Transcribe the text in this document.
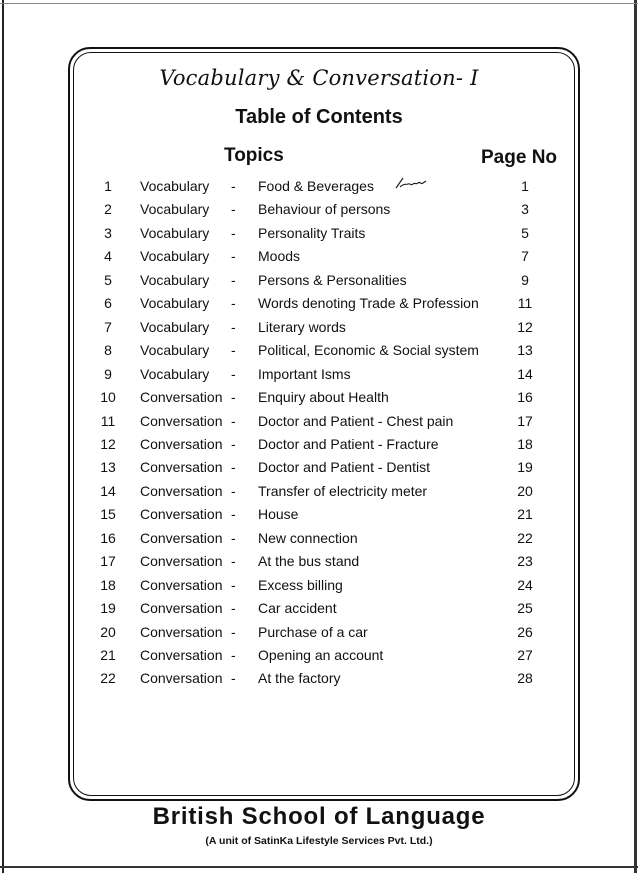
Vocabulary & Conversation- I
Table of Contents
Topics	Page No
1	Vocabulary - Food & Beverages	1
2	Vocabulary - Behaviour of persons	3
3	Vocabulary - Personality Traits	5
4	Vocabulary - Moods	7
5	Vocabulary - Persons & Personalities	9
6	Vocabulary - Words denoting Trade & Profession	11
7	Vocabulary - Literary words	12
8	Vocabulary - Political, Economic & Social system	13
9	Vocabulary - Important Isms	14
10	Conversation - Enquiry about Health	16
11	Conversation - Doctor and Patient - Chest pain	17
12	Conversation - Doctor and Patient - Fracture	18
13	Conversation - Doctor and Patient - Dentist	19
14	Conversation - Transfer of electricity meter	20
15	Conversation - House	21
16	Conversation - New connection	22
17	Conversation - At the bus stand	23
18	Conversation - Excess billing	24
19	Conversation - Car accident	25
20	Conversation - Purchase of a car	26
21	Conversation - Opening an account	27
22	Conversation - At the factory	28
British School of Language
(A unit of SatinKa Lifestyle Services Pvt. Ltd.)
